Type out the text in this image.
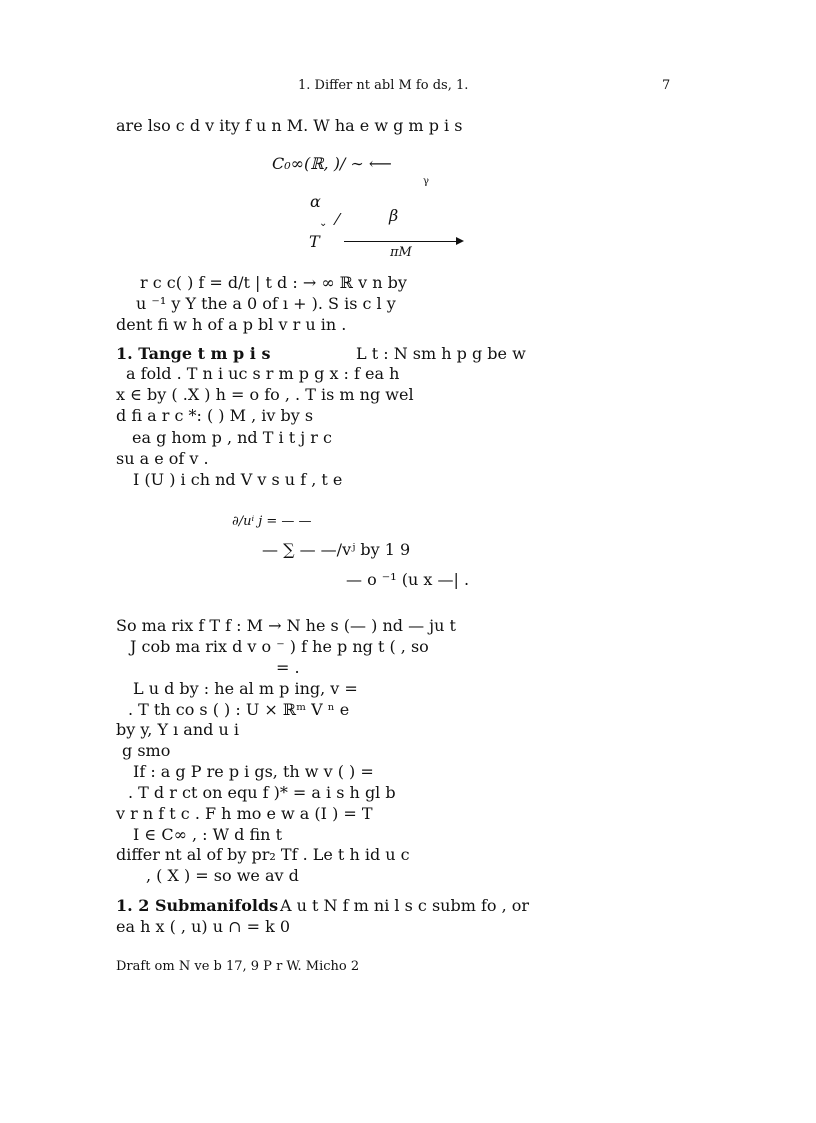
1. Differ nt abl M fo ds, 1.	7
are lso c d v ity f u n M. W ha e w g m p i s
C₀∞(ℝ, )/ ∼ ⟵
γ
α
β
⌄ ⁄
T
πM
r c c( ) f = d/t | t d : → ∞ ℝ v n by
u ⁻¹ y Y the a 0 of ı + ). S is c l y
dent fi w h of a p bl v r u in .
1. Tange t m p i s	L t : N sm h p g be w
a fold . T n i uc s r m p g x : f ea h
x ∈ by ( .X ) h = o fo , . T is m ng wel
d fi a r c *: ( ) M , iv by s
ea g hom p , nd T i t j r c
su a e of v .
I (U ) i ch nd V v s u f , t e
∂/uⁱ j = — —
— ∑ — —/vʲ by 1 9
— o ⁻¹ (u x —| .
So ma rix f T f : M → N he s (— ) nd — ju t
J cob ma rix d v o ⁻ ) f he p ng t ( , so
= .
L u d by : he al m p ing, v =
. T th co s ( ) : U × ℝᵐ V ⁿ e
by y, Y ı and u i
g smo
If : a g P re p i gs, th w v ( ) =
. T d r ct on equ f )* = a i s h gl b
v r n f t c . F h mo e w a (I ) = T
I ∈ C∞ , : W d fin t
differ nt al of by pr₂ Tf . Le t h id u c
, ( X ) = so we av d
1. 2 Submanifolds A u t N f m ni l s c subm fo , or
ea h x ( , u) u ∩ = k 0
Draft om N ve b 17, 9 P r W. Micho 2
